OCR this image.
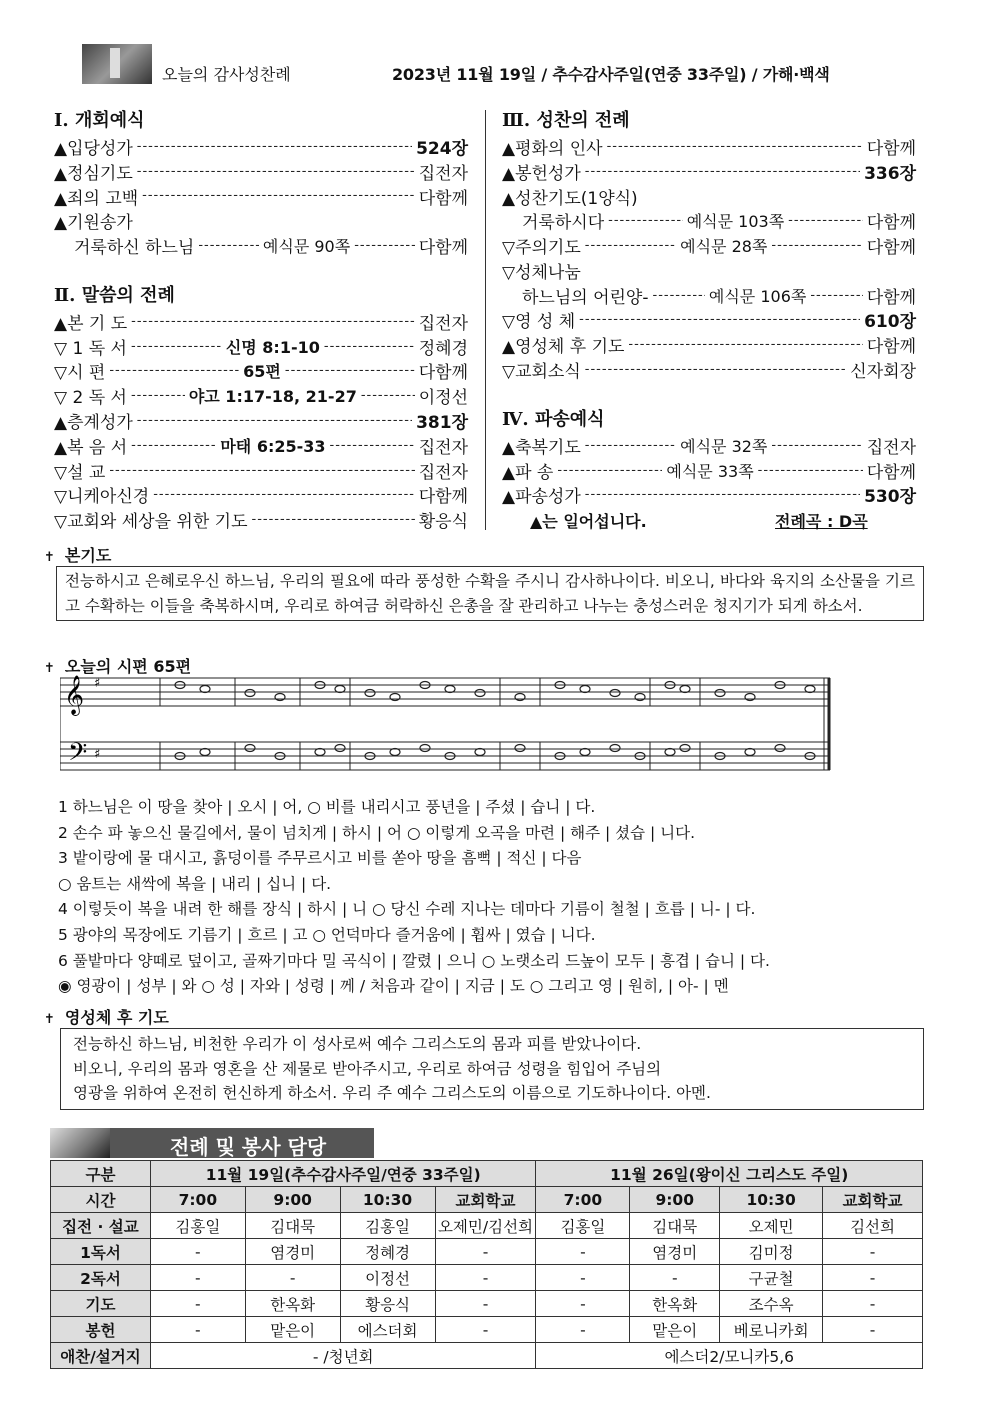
오늘의 감사성찬례	2023년 11월 19일 / 추수감사주일(연중 33주일) / 가해·백색
Ⅰ. 개회예식
▲입당성가 -----	524장
▲정심기도 -----	집전자
▲죄의 고백 -----	다함께
▲기원송가
거룩하신 하느님 -----	예식문 90쪽 -----	다함께
Ⅱ. 말씀의 전례
▲본 기 도 -----	집전자
▽ 1 독 서 -----	신명 8:1-10 -----	정혜경
▽시 편 -----	65편 -----	다함께
▽ 2 독 서 -----	야고 1:17-18, 21-27 -----	이정선
▲층계성가 -----	381장
▲복 음 서 -----	마태 6:25-33 -----	집전자
▽설 교 -----	집전자
▽니케아신경 -----	다함께
▽교회와 세상을 위한 기도 -----	황응식
Ⅲ. 성찬의 전례
▲평화의 인사 -----	다함께
▲봉헌성가 -----	336장
▲성찬기도(1양식)
거룩하시다 -----	예식문 103쪽 -----	다함께
▽주의기도 -----	예식문 28쪽 -----	다함께
▽성체나눔
하느님의 어린양- -----	예식문 106쪽 -----	다함께
▽영 성 체 -----	610장
▲영성체 후 기도 -----	다함께
▽교회소식 -----	신자회장
Ⅳ. 파송예식
▲축복기도 -----	예식문 32쪽 -----	집전자
▲파 송 -----	예식문 33쪽 -----	다함께
▲파송성가 -----	530장
▲는 일어섭니다.	전례곡 : D곡
✝ 본기도

전능하시고 은혜로우신 하느님, 우리의 필요에 따라 풍성한 수확을 주시니 감사하나이다. 비오니, 바다와 육지의 소산물을 기르고 수확하는 이들을 축복하시며, 우리로 하여금 허락하신 은총을 잘 관리하고 나누는 충성스러운 청지기가 되게 하소서.

✝ 오늘의 시편 65편
𝄞
𝄢
♯
♯
1 하느님은 이 땅을 찾아 | 오시 | 어, ○ 비를 내리시고 풍년을 | 주셨 | 습니 | 다.
2 손수 파 놓으신 물길에서, 물이 넘치게 | 하시 | 어 ○ 이렇게 오곡을 마련 | 해주 | 셨습 | 니다.
3 밭이랑에 물 대시고, 흙덩이를 주무르시고 비를 쏟아 땅을 흠뻑 | 적신 | 다음
○ 움트는 새싹에 복을 | 내리 | 십니 | 다.
4 이렇듯이 복을 내려 한 해를 장식 | 하시 | 니 ○ 당신 수레 지나는 데마다 기름이 철철 | 흐릅 | 니- | 다.
5 광야의 목장에도 기름기 | 흐르 | 고 ○ 언덕마다 즐거움에 | 휩싸 | 였습 | 니다.
6 풀밭마다 양떼로 덮이고, 골짜기마다 밀 곡식이 | 깔렸 | 으니 ○ 노랫소리 드높이 모두 | 흥겹 | 습니 | 다.
◉ 영광이 | 성부 | 와 ○ 성 | 자와 | 성령 | 께 / 처음과 같이 | 지금 | 도 ○ 그리고 영 | 원히, | 아- | 멘
✝ 영성체 후 기도
전능하신 하느님, 비천한 우리가 이 성사로써 예수 그리스도의 몸과 피를 받았나이다.
비오니, 우리의 몸과 영혼을 산 제물로 받아주시고, 우리로 하여금 성령을 힘입어 주님의
영광을 위하여 온전히 헌신하게 하소서. 우리 주 예수 그리스도의 이름으로 기도하나이다. 아멘.
전례 및 봉사 담당
구분	11월 19일(추수감사주일/연중 33주일)				11월 26일(왕이신 그리스도 주일)			
시간	7:00	9:00	10:30	교회학교	7:00	9:00	10:30	교회학교
집전 · 설교	김홍일	김대묵	김홍일	오제민/김선희	김홍일	김대묵	오제민	김선희
1독서	-	염경미	정혜경	-	-	염경미	김미정	-
2독서	-	-	이정선	-	-	-	구균철	-
기도	-	한옥화	황응식	-	-	한옥화	조수옥	-
봉헌	-	맡은이	에스더회	-	-	맡은이	베로니카회	-
애찬/설거지	- /청년회				에스더2/모니카5,6			
